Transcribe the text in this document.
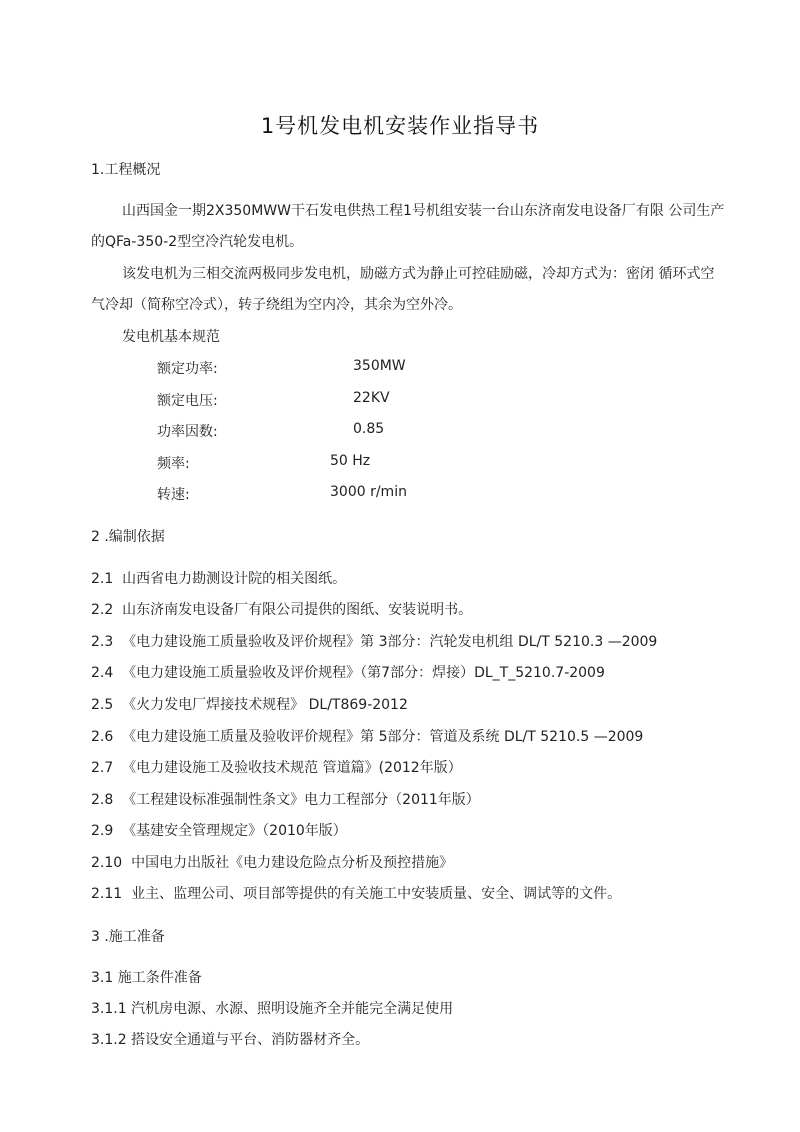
1号机发电机安装作业指导书
1.工程概况
山西国金一期2X350MWW干石发电供热工程1号机组安装一台山东济南发电设备厂有限 公司生产
的QFa-350-2型空冷汽轮发电机。
该发电机为三相交流两极同步发电机，励磁方式为静止可控硅励磁，冷却方式为：密闭 循环式空
气冷却（简称空冷式），转子绕组为空内冷，其余为空外冷。
发电机基本规范
额定功率:	350MW
额定电压:	22KV
功率因数:	0.85
频率:	50 Hz
转速:	3000 r/min
2 .编制依据
2.1 山西省电力勘测设计院的相关图纸。
2.2 山东济南发电设备厂有限公司提供的图纸、安装说明书。
2.3 《电力建设施工质量验收及评价规程》第 3部分：汽轮发电机组 DL/T 5210.3 —2009
2.4 《电力建设施工质量验收及评价规程》（第7部分：焊接）DL_T_5210.7-2009
2.5 《火力发电厂焊接技术规程》 DL/T869-2012
2.6 《电力建设施工质量及验收评价规程》第 5部分：管道及系统 DL/T 5210.5 —2009
2.7 《电力建设施工及验收技术规范 管道篇》(2012年版）
2.8 《工程建设标准强制性条文》电力工程部分（2011年版）
2.9 《基建安全管理规定》（2010年版）
2.10 中国电力出版社《电力建设危险点分析及预控措施》
2.11 业主、监理公司、项目部等提供的有关施工中安装质量、安全、调试等的文件。
3 .施工准备
3.1 施工条件准备
3.1.1 汽机房电源、水源、照明设施齐全并能完全满足使用
3.1.2 搭设安全通道与平台、消防器材齐全。
